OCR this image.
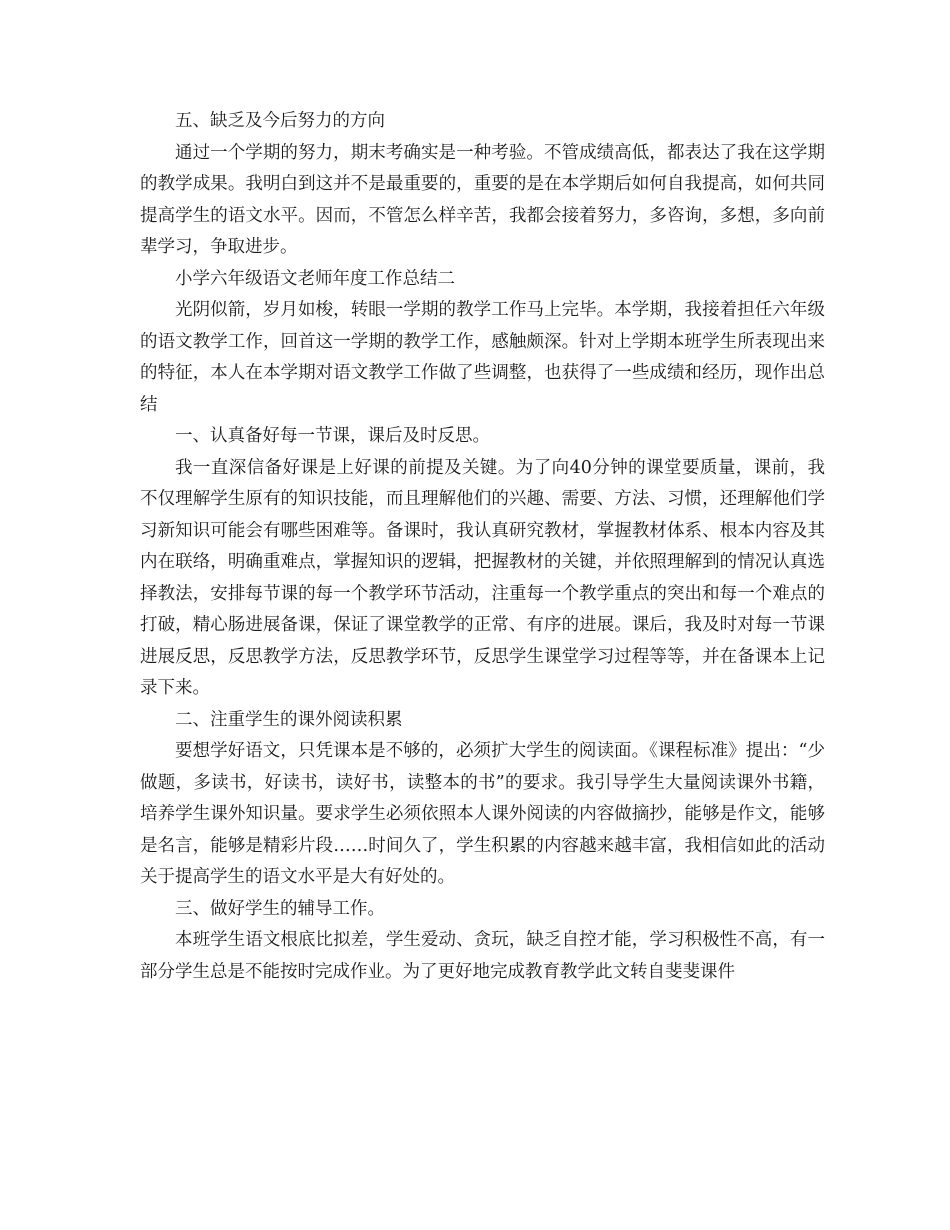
五、缺乏及今后努力的方向

通过一个学期的努力，期末考确实是一种考验。不管成绩高低，都表达了我在这学期的教学成果。我明白到这并不是最重要的，重要的是在本学期后如何自我提高，如何共同提高学生的语文水平。因而，不管怎么样辛苦，我都会接着努力，多咨询，多想，多向前辈学习，争取进步。

小学六年级语文老师年度工作总结二

光阴似箭，岁月如梭，转眼一学期的教学工作马上完毕。本学期，我接着担任六年级的语文教学工作，回首这一学期的教学工作，感触颇深。针对上学期本班学生所表现出来的特征，本人在本学期对语文教学工作做了些调整，也获得了一些成绩和经历，现作出总结

一、认真备好每一节课，课后及时反思。

我一直深信备好课是上好课的前提及关键。为了向40分钟的课堂要质量，课前，我不仅理解学生原有的知识技能，而且理解他们的兴趣、需要、方法、习惯，还理解他们学习新知识可能会有哪些困难等。备课时，我认真研究教材，掌握教材体系、根本内容及其内在联络，明确重难点，掌握知识的逻辑，把握教材的关键，并依照理解到的情况认真选择教法，安排每节课的每一个教学环节活动，注重每一个教学重点的突出和每一个难点的打破，精心肠进展备课，保证了课堂教学的正常、有序的进展。课后，我及时对每一节课进展反思，反思教学方法，反思教学环节，反思学生课堂学习过程等等，并在备课本上记录下来。

二、注重学生的课外阅读积累

要想学好语文，只凭课本是不够的，必须扩大学生的阅读面。《课程标准》提出：“少做题，多读书，好读书，读好书，读整本的书”的要求。我引导学生大量阅读课外书籍，培养学生课外知识量。要求学生必须依照本人课外阅读的内容做摘抄，能够是作文，能够是名言，能够是精彩片段……时间久了，学生积累的内容越来越丰富，我相信如此的活动关于提高学生的语文水平是大有好处的。

三、做好学生的辅导工作。

本班学生语文根底比拟差，学生爱动、贪玩，缺乏自控才能，学习积极性不高，有一部分学生总是不能按时完成作业。为了更好地完成教育教学此文转自斐斐课件
